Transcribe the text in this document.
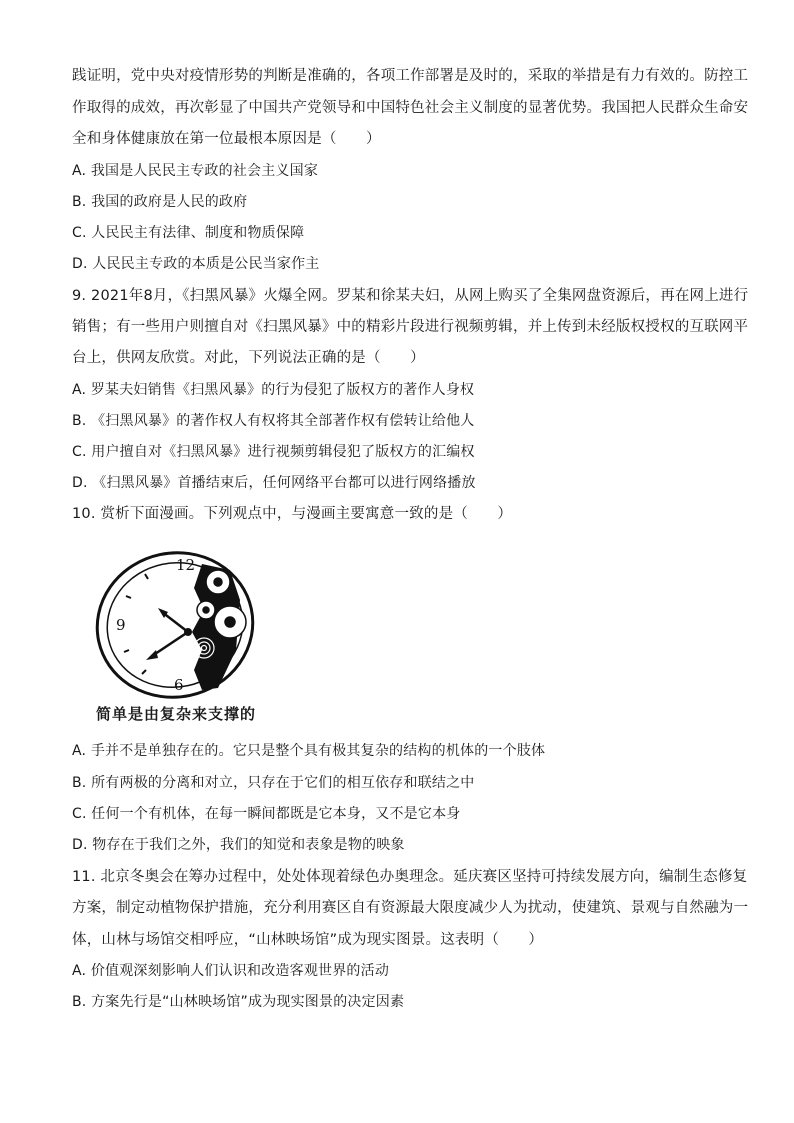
践证明，党中央对疫情形势的判断是准确的，各项工作部署是及时的，采取的举措是有力有效的。防控工
作取得的成效，再次彰显了中国共产党领导和中国特色社会主义制度的显著优势。我国把人民群众生命安
全和身体健康放在第一位最根本原因是（　　）
A. 我国是人民民主专政的社会主义国家
B. 我国的政府是人民的政府
C. 人民民主有法律、制度和物质保障
D. 人民民主专政的本质是公民当家作主
9. 2021年8月，《扫黑风暴》火爆全网。罗某和徐某夫妇，从网上购买了全集网盘资源后，再在网上进行
销售；有一些用户则擅自对《扫黑风暴》中的精彩片段进行视频剪辑，并上传到未经版权授权的互联网平
台上，供网友欣赏。对此，下列说法正确的是（　　）
A. 罗某夫妇销售《扫黑风暴》的行为侵犯了版权方的著作人身权
B. 《扫黑风暴》的著作权人有权将其全部著作权有偿转让给他人
C. 用户擅自对《扫黑风暴》进行视频剪辑侵犯了版权方的汇编权
D. 《扫黑风暴》首播结束后，任何网络平台都可以进行网络播放
10. 赏析下面漫画。下列观点中，与漫画主要寓意一致的是（　　）
12
9
6
简单是由复杂来支撑的
A. 手并不是单独存在的。它只是整个具有极其复杂的结构的机体的一个肢体
B. 所有两极的分离和对立，只存在于它们的相互依存和联结之中
C. 任何一个有机体，在每一瞬间都既是它本身，又不是它本身
D. 物存在于我们之外，我们的知觉和表象是物的映象
11. 北京冬奥会在筹办过程中，处处体现着绿色办奥理念。延庆赛区坚持可持续发展方向，编制生态修复
方案，制定动植物保护措施，充分利用赛区自有资源最大限度减少人为扰动，使建筑、景观与自然融为一
体，山林与场馆交相呼应，“山林映场馆”成为现实图景。这表明（　　）
A. 价值观深刻影响人们认识和改造客观世界的活动
B. 方案先行是“山林映场馆”成为现实图景的决定因素
